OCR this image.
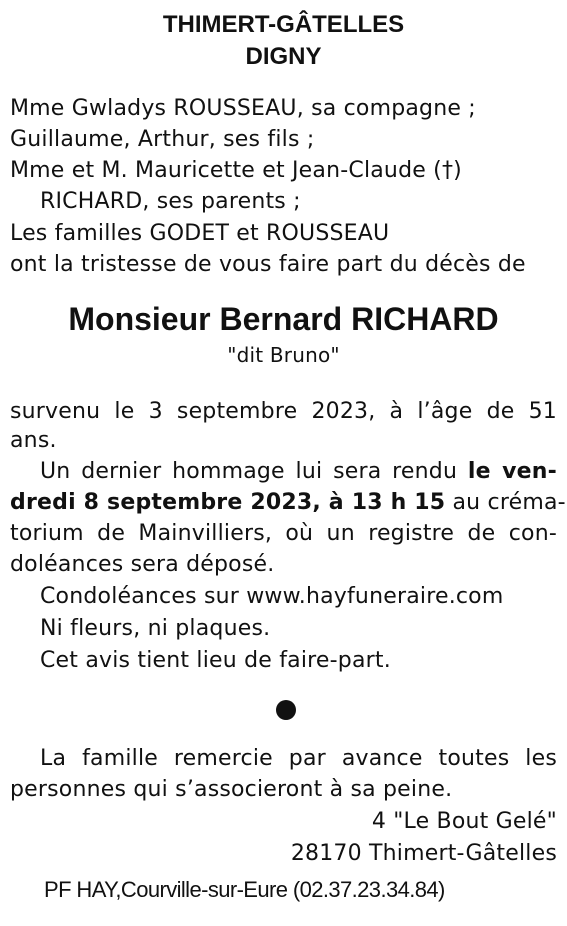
THIMERT-GÂTELLES
DIGNY
Mme Gwladys ROUSSEAU, sa compagne ;
Guillaume, Arthur, ses fils ;
Mme et M. Mauricette et Jean-Claude (†)
RICHARD, ses parents ;
Les familles GODET et ROUSSEAU
ont la tristesse de vous faire part du décès de
Monsieur Bernard RICHARD
"dit Bruno"
survenu le 3 septembre 2023, à l’âge de 51
ans.
Un dernier hommage lui sera rendu le ven-
dredi 8 septembre 2023, à 13 h 15 au créma-
torium de Mainvilliers, où un registre de con-
doléances sera déposé.
Condoléances sur www.hayfuneraire.com
Ni fleurs, ni plaques.
Cet avis tient lieu de faire-part.
La famille remercie par avance toutes les
personnes qui s’associeront à sa peine.
4 "Le Bout Gelé"
28170 Thimert-Gâtelles
PF HAY,Courville-sur-Eure (02.37.23.34.84)
